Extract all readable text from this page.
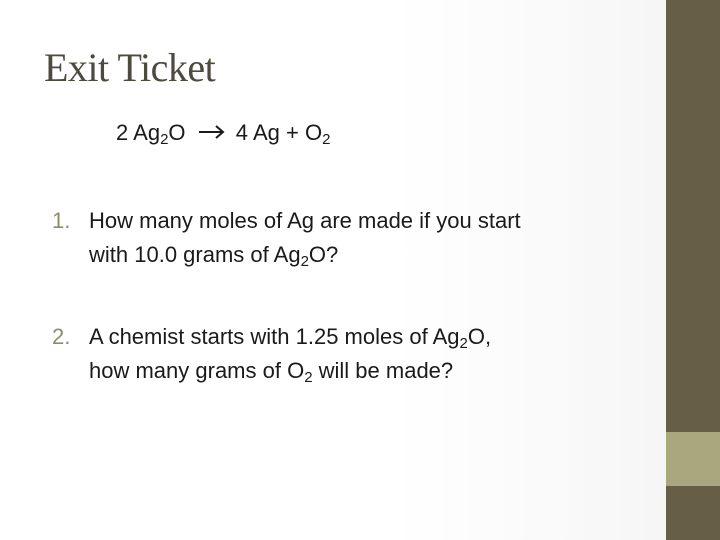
Exit Ticket
2 $Ag_2O \to 4$ $Ag + O_2$
1. How many moles of Ag are made if you start
with 10.0 grams of $Ag_2O$?
2. A chemist starts with 1.25 moles of $Ag_2O$,
how many grams of $O_2$ will be made?
